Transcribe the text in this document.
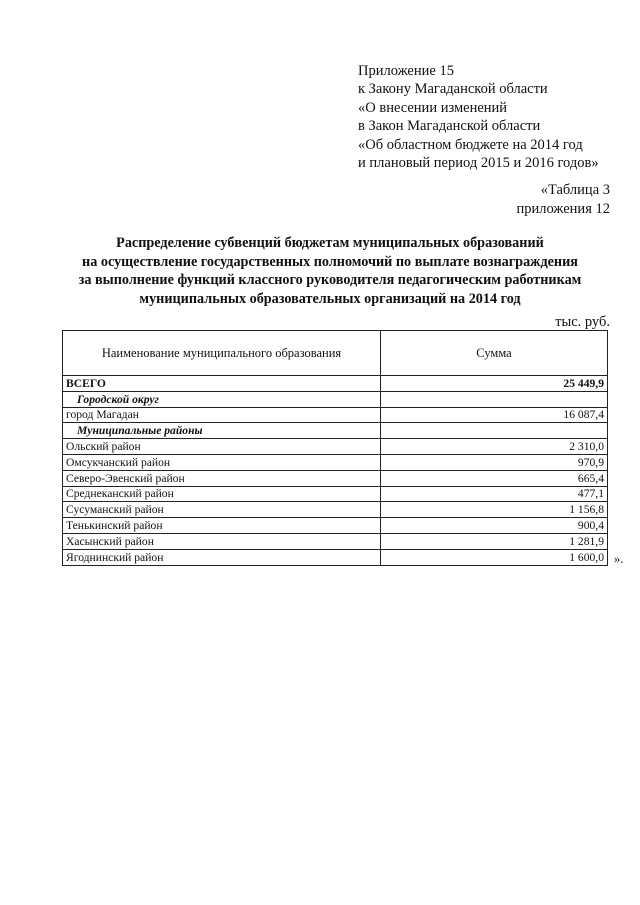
Приложение 15
к Закону Магаданской области
«О внесении изменений
в Закон Магаданской области
«Об областном бюджете на 2014 год
и плановый период 2015 и 2016 годов»
«Таблица 3
приложения 12
Распределение субвенций бюджетам муниципальных образований
на осуществление государственных полномочий по выплате вознаграждения
за выполнение функций классного руководителя педагогическим работникам
муниципальных образовательных организаций на 2014 год
тыс. руб.
Наименование муниципального образования	Сумма
ВСЕГО	25 449,9
Городской округ	
город Магадан	16 087,4
Муниципальные районы	
Ольский район	2 310,0
Омсукчанский район	970,9
Северо-Эвенский район	665,4
Среднеканский район	477,1
Сусуманский район	1 156,8
Тенькинский район	900,4
Хасынский район	1 281,9
Ягоднинский район	1 600,0 ».
